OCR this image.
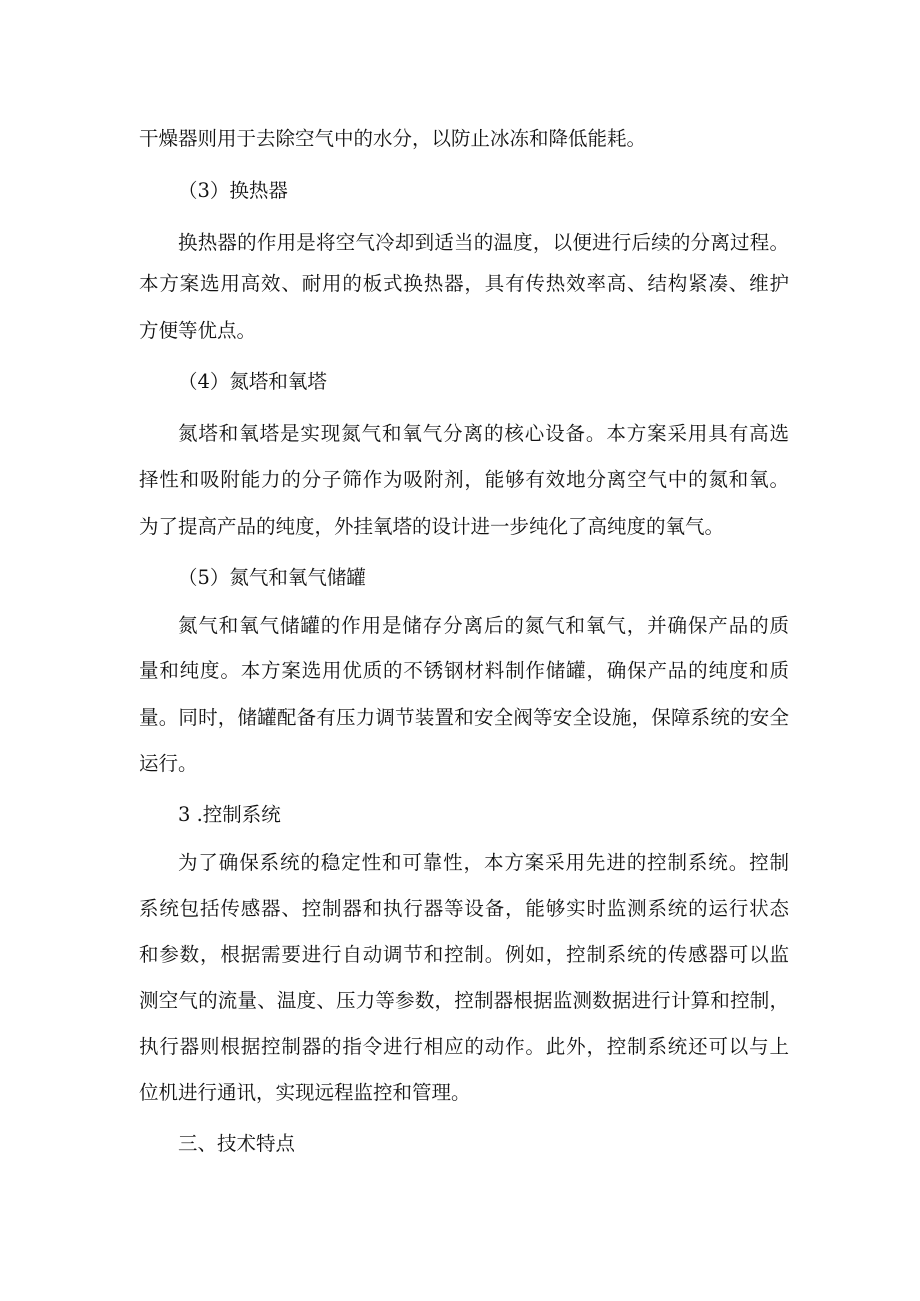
干燥器则用于去除空气中的水分，以防止冰冻和降低能耗。
（3）换热器
换热器的作用是将空气冷却到适当的温度，以便进行后续的分离过程。
本方案选用高效、耐用的板式换热器，具有传热效率高、结构紧凑、维护
方便等优点。
（4）氮塔和氧塔
氮塔和氧塔是实现氮气和氧气分离的核心设备。本方案采用具有高选
择性和吸附能力的分子筛作为吸附剂，能够有效地分离空气中的氮和氧。
为了提高产品的纯度，外挂氧塔的设计进一步纯化了高纯度的氧气。
（5）氮气和氧气储罐
氮气和氧气储罐的作用是储存分离后的氮气和氧气，并确保产品的质
量和纯度。本方案选用优质的不锈钢材料制作储罐，确保产品的纯度和质
量。同时，储罐配备有压力调节装置和安全阀等安全设施，保障系统的安全
运行。
3 .控制系统
为了确保系统的稳定性和可靠性，本方案采用先进的控制系统。控制
系统包括传感器、控制器和执行器等设备，能够实时监测系统的运行状态
和参数，根据需要进行自动调节和控制。例如，控制系统的传感器可以监
测空气的流量、温度、压力等参数，控制器根据监测数据进行计算和控制，
执行器则根据控制器的指令进行相应的动作。此外，控制系统还可以与上
位机进行通讯，实现远程监控和管理。
三、技术特点
